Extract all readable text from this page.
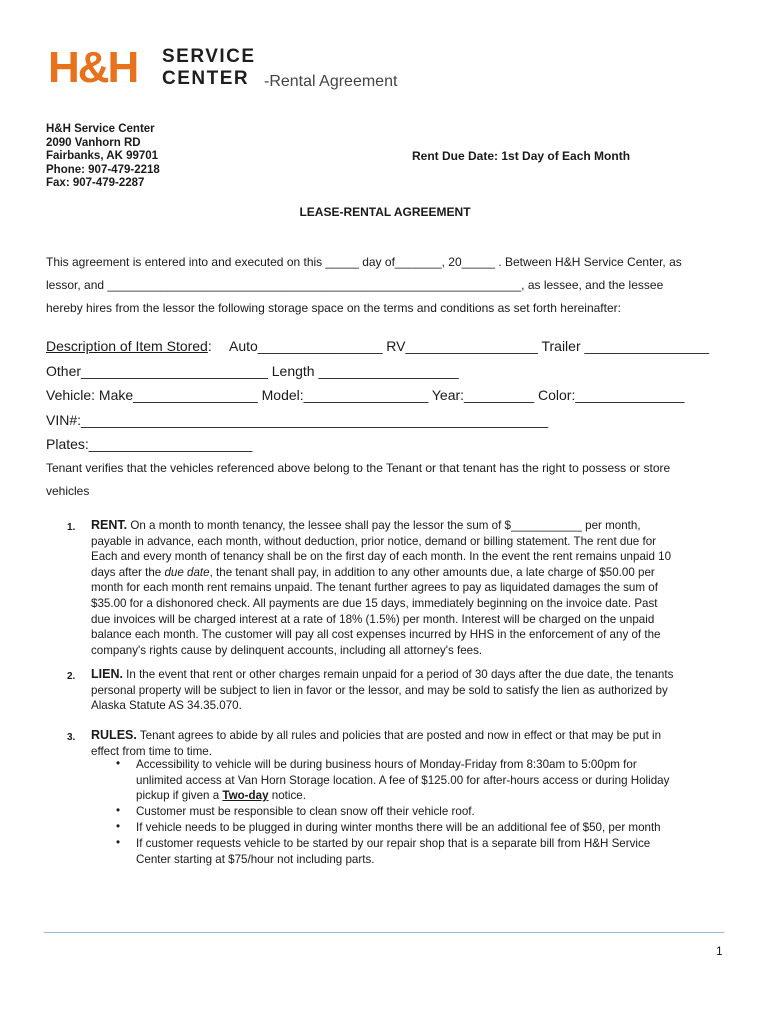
H&H SERVICE
CENTER -Rental Agreement
H&H Service Center
2090 Vanhorn RD
Fairbanks, AK 99701
Phone: 907-479-2218
Fax: 907-479-2287
Rent Due Date: 1st Day of Each Month
LEASE-RENTAL AGREEMENT
This agreement is entered into and executed on this _____ day of_______, 20_____ . Between H&H Service Center, as
lessor, and ______________________________________________________________, as lessee, and the lessee
hereby hires from the lessor the following storage space on the terms and conditions as set forth hereinafter:
Description of Item Stored: Auto________________ RV_________________ Trailer ________________
Other________________________ Length __________________
Vehicle: Make________________ Model:________________ Year:_________ Color:______________
VIN#:____________________________________________________________
Plates:_____________________
Tenant verifies that the vehicles referenced above belong to the Tenant or that tenant has the right to possess or store
vehicles
1. RENT. On a month to month tenancy, the lessee shall pay the lessor the sum of $___________ per month,
payable in advance, each month, without deduction, prior notice, demand or billing statement. The rent due for
Each and every month of tenancy shall be on the first day of each month. In the event the rent remains unpaid 10
days after the due date, the tenant shall pay, in addition to any other amounts due, a late charge of $50.00 per
month for each month rent remains unpaid. The tenant further agrees to pay as liquidated damages the sum of
$35.00 for a dishonored check. All payments are due 15 days, immediately beginning on the invoice date. Past
due invoices will be charged interest at a rate of 18% (1.5%) per month. Interest will be charged on the unpaid
balance each month. The customer will pay all cost expenses incurred by HHS in the enforcement of any of the
company's rights cause by delinquent accounts, including all attorney's fees.
2. LIEN. In the event that rent or other charges remain unpaid for a period of 30 days after the due date, the tenants
personal property will be subject to lien in favor or the lessor, and may be sold to satisfy the lien as authorized by
Alaska Statute AS 34.35.070.
3. RULES. Tenant agrees to abide by all rules and policies that are posted and now in effect or that may be put in
effect from time to time.
• Accessibility to vehicle will be during business hours of Monday-Friday from 8:30am to 5:00pm for
unlimited access at Van Horn Storage location. A fee of $125.00 for after-hours access or during Holiday
pickup if given a Two-day notice.
• Customer must be responsible to clean snow off their vehicle roof.
• If vehicle needs to be plugged in during winter months there will be an additional fee of $50, per month
• If customer requests vehicle to be started by our repair shop that is a separate bill from H&H Service
Center starting at $75/hour not including parts.
1
